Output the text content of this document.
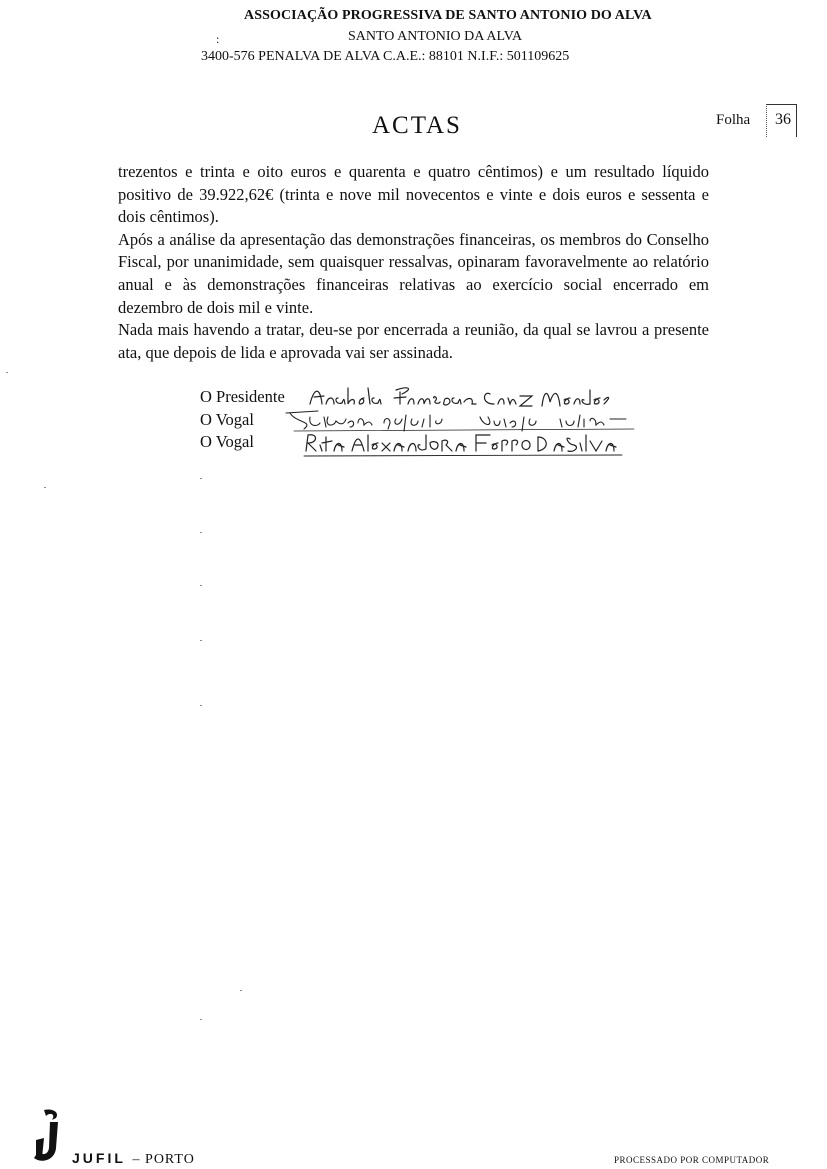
ASSOCIAÇÃO PROGRESSIVA DE SANTO ANTONIO DO ALVA
:	SANTO ANTONIO DA ALVA
3400-576 PENALVA DE ALVA C.A.E.: 88101 N.I.F.: 501109625
ACTAS	Folha	36

trezentos e trinta e oito euros e quarenta e quatro cêntimos) e um resultado líquido positivo de 39.922,62€ (trinta e nove mil novecentos e vinte e dois euros e sessenta e dois cêntimos).

Após a análise da apresentação das demonstrações financeiras, os membros do Conselho Fiscal, por unanimidade, sem quaisquer ressalvas, opinaram favoravelmente ao relatório anual e às demonstrações financeiras relativas ao exercício social encerrado em dezembro de dois mil e vinte.

Nada mais havendo a tratar, deu-se por encerrada a reunião, da qual se lavrou a presente ata, que depois de lida e aprovada vai ser assinada.

O Presidente
O Vogal
O Vogal
JUFIL – PORTO	PROCESSADO POR COMPUTADOR
